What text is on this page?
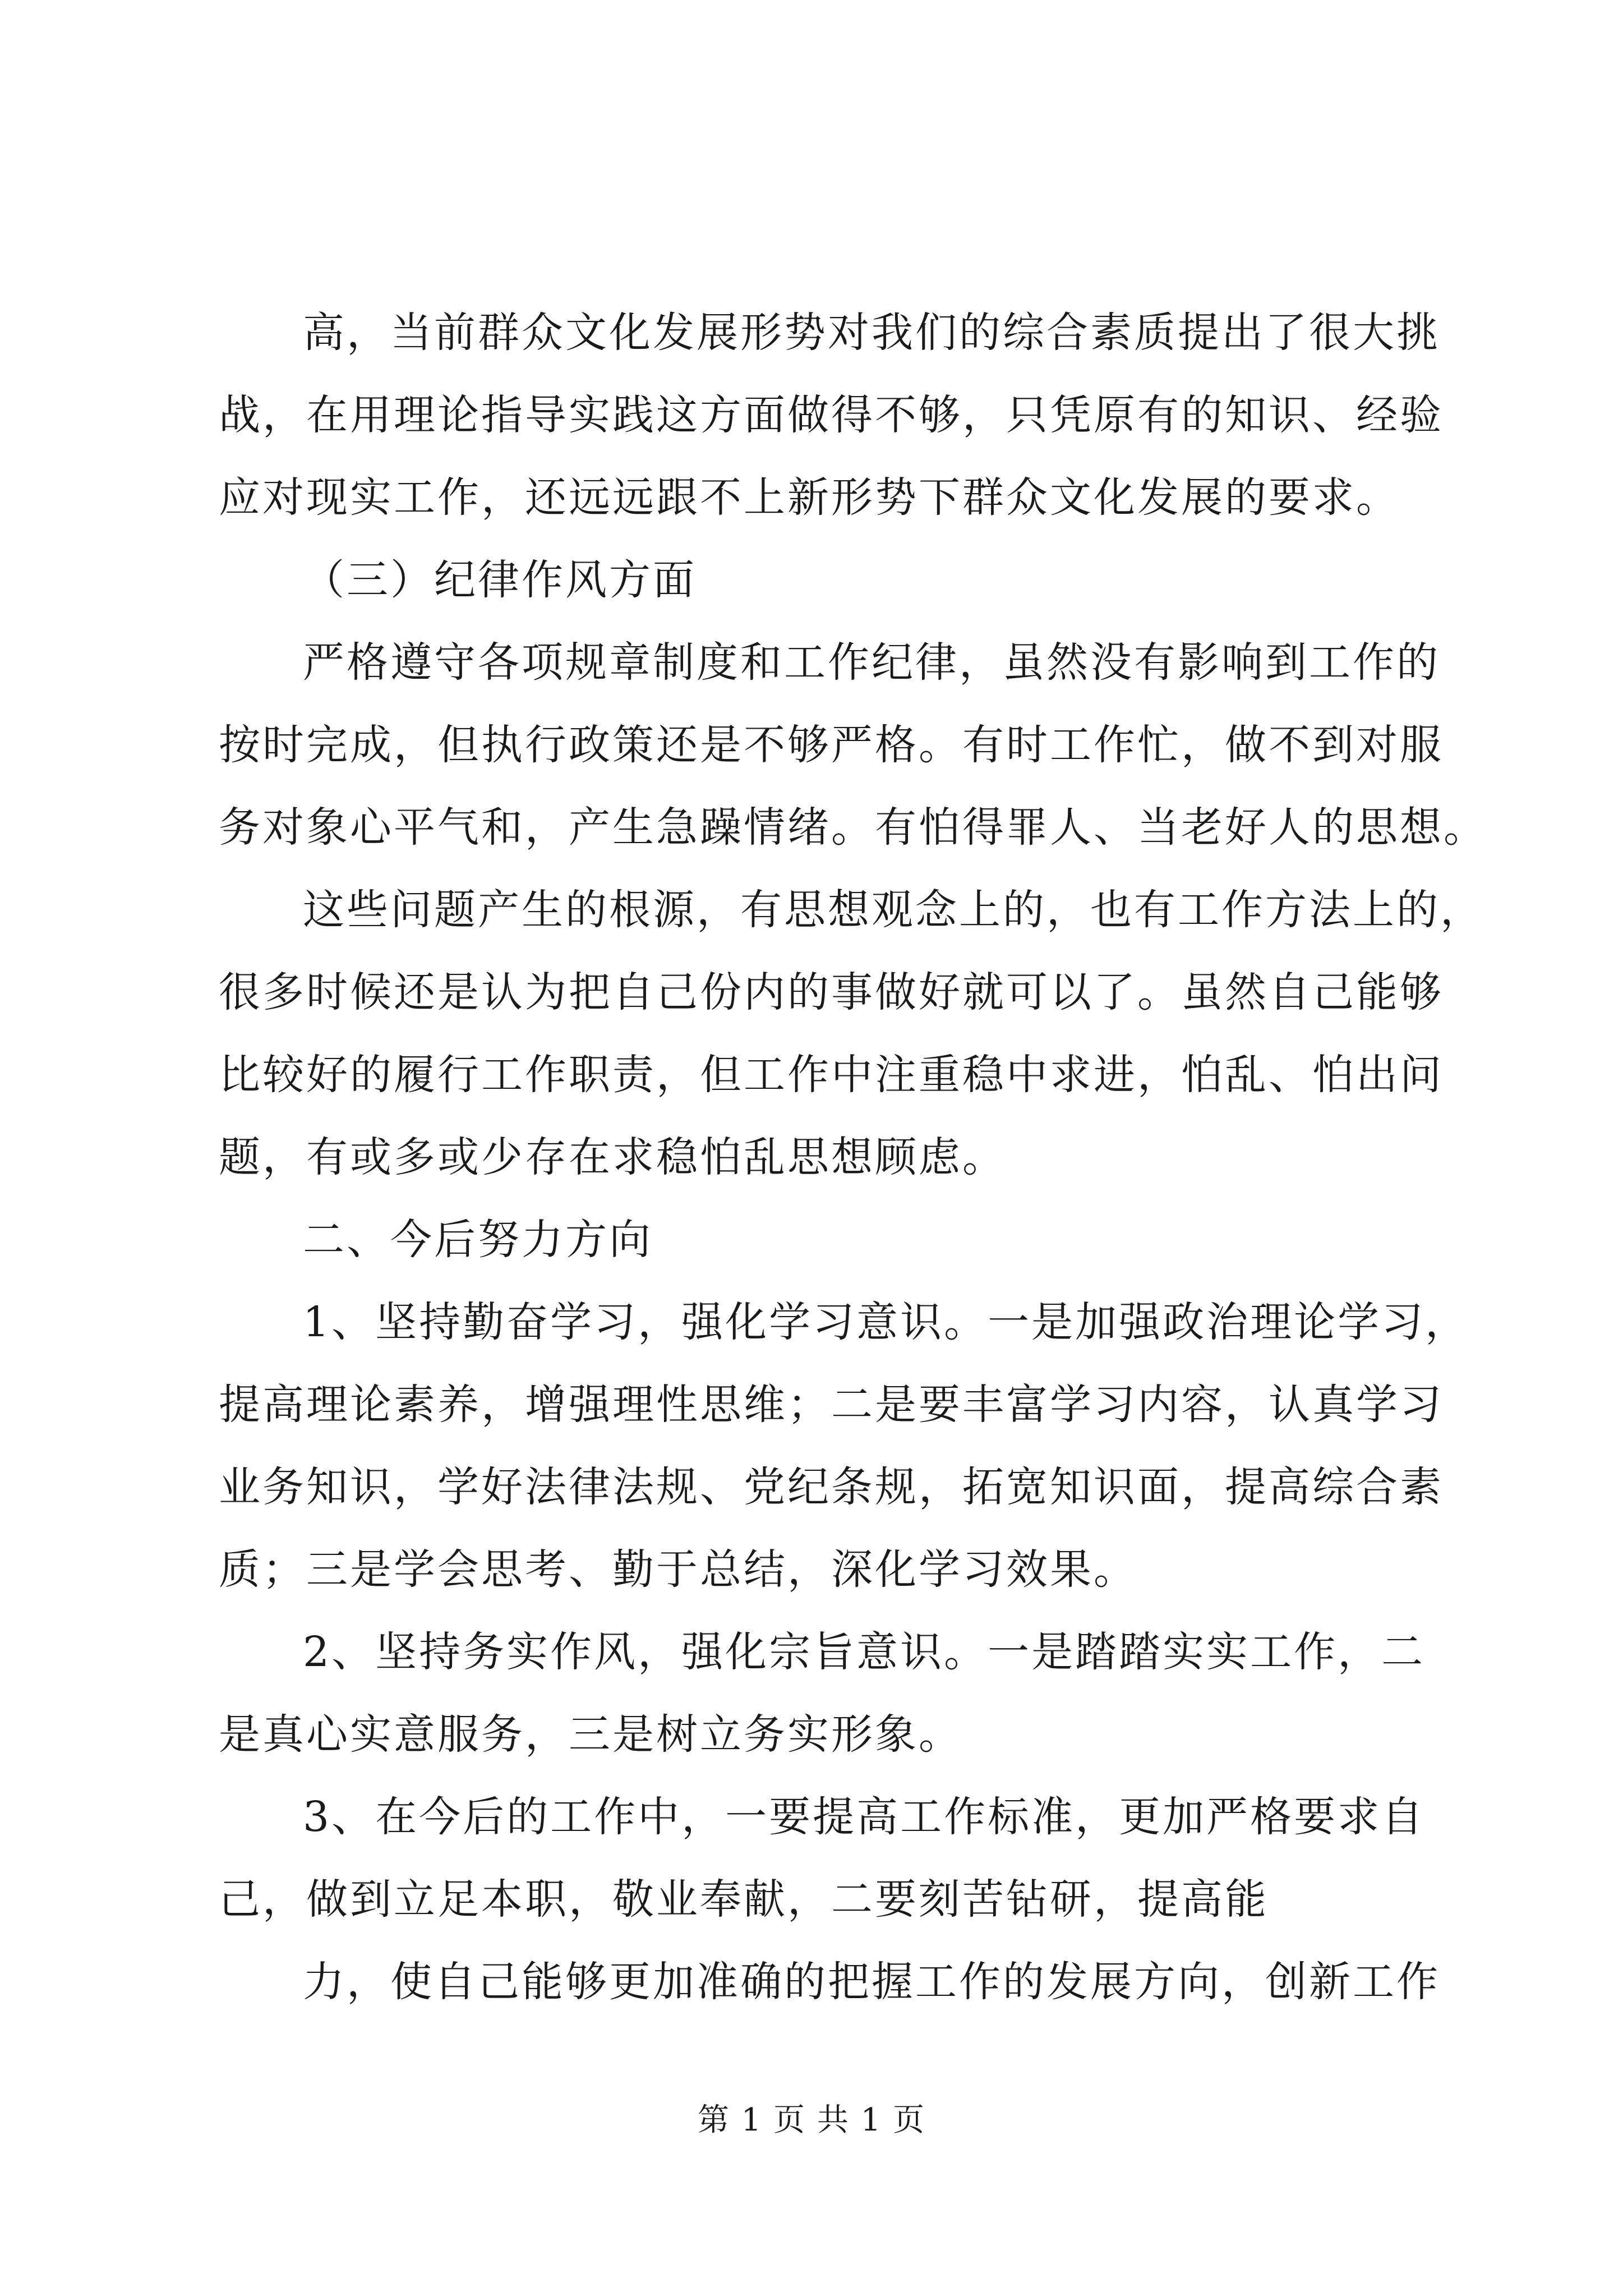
高，当前群众文化发展形势对我们的综合素质提出了很大挑

战，在用理论指导实践这方面做得不够，只凭原有的知识、经验

应对现实工作，还远远跟不上新形势下群众文化发展的要求。

（三）纪律作风方面

严格遵守各项规章制度和工作纪律，虽然没有影响到工作的

按时完成，但执行政策还是不够严格。有时工作忙，做不到对服

务对象心平气和，产生急躁情绪。有怕得罪人、当老好人的思想。

这些问题产生的根源，有思想观念上的，也有工作方法上的，

很多时候还是认为把自己份内的事做好就可以了。虽然自己能够

比较好的履行工作职责，但工作中注重稳中求进，怕乱、怕出问

题，有或多或少存在求稳怕乱思想顾虑。

二、今后努力方向

1、坚持勤奋学习，强化学习意识。一是加强政治理论学习，

提高理论素养，增强理性思维；二是要丰富学习内容，认真学习

业务知识，学好法律法规、党纪条规，拓宽知识面，提高综合素

质；三是学会思考、勤于总结，深化学习效果。

2、坚持务实作风，强化宗旨意识。一是踏踏实实工作，二

是真心实意服务，三是树立务实形象。

3、在今后的工作中，一要提高工作标准，更加严格要求自

己，做到立足本职，敬业奉献，二要刻苦钻研，提高能

力，使自己能够更加准确的把握工作的发展方向，创新工作

第 1 页 共 1 页
